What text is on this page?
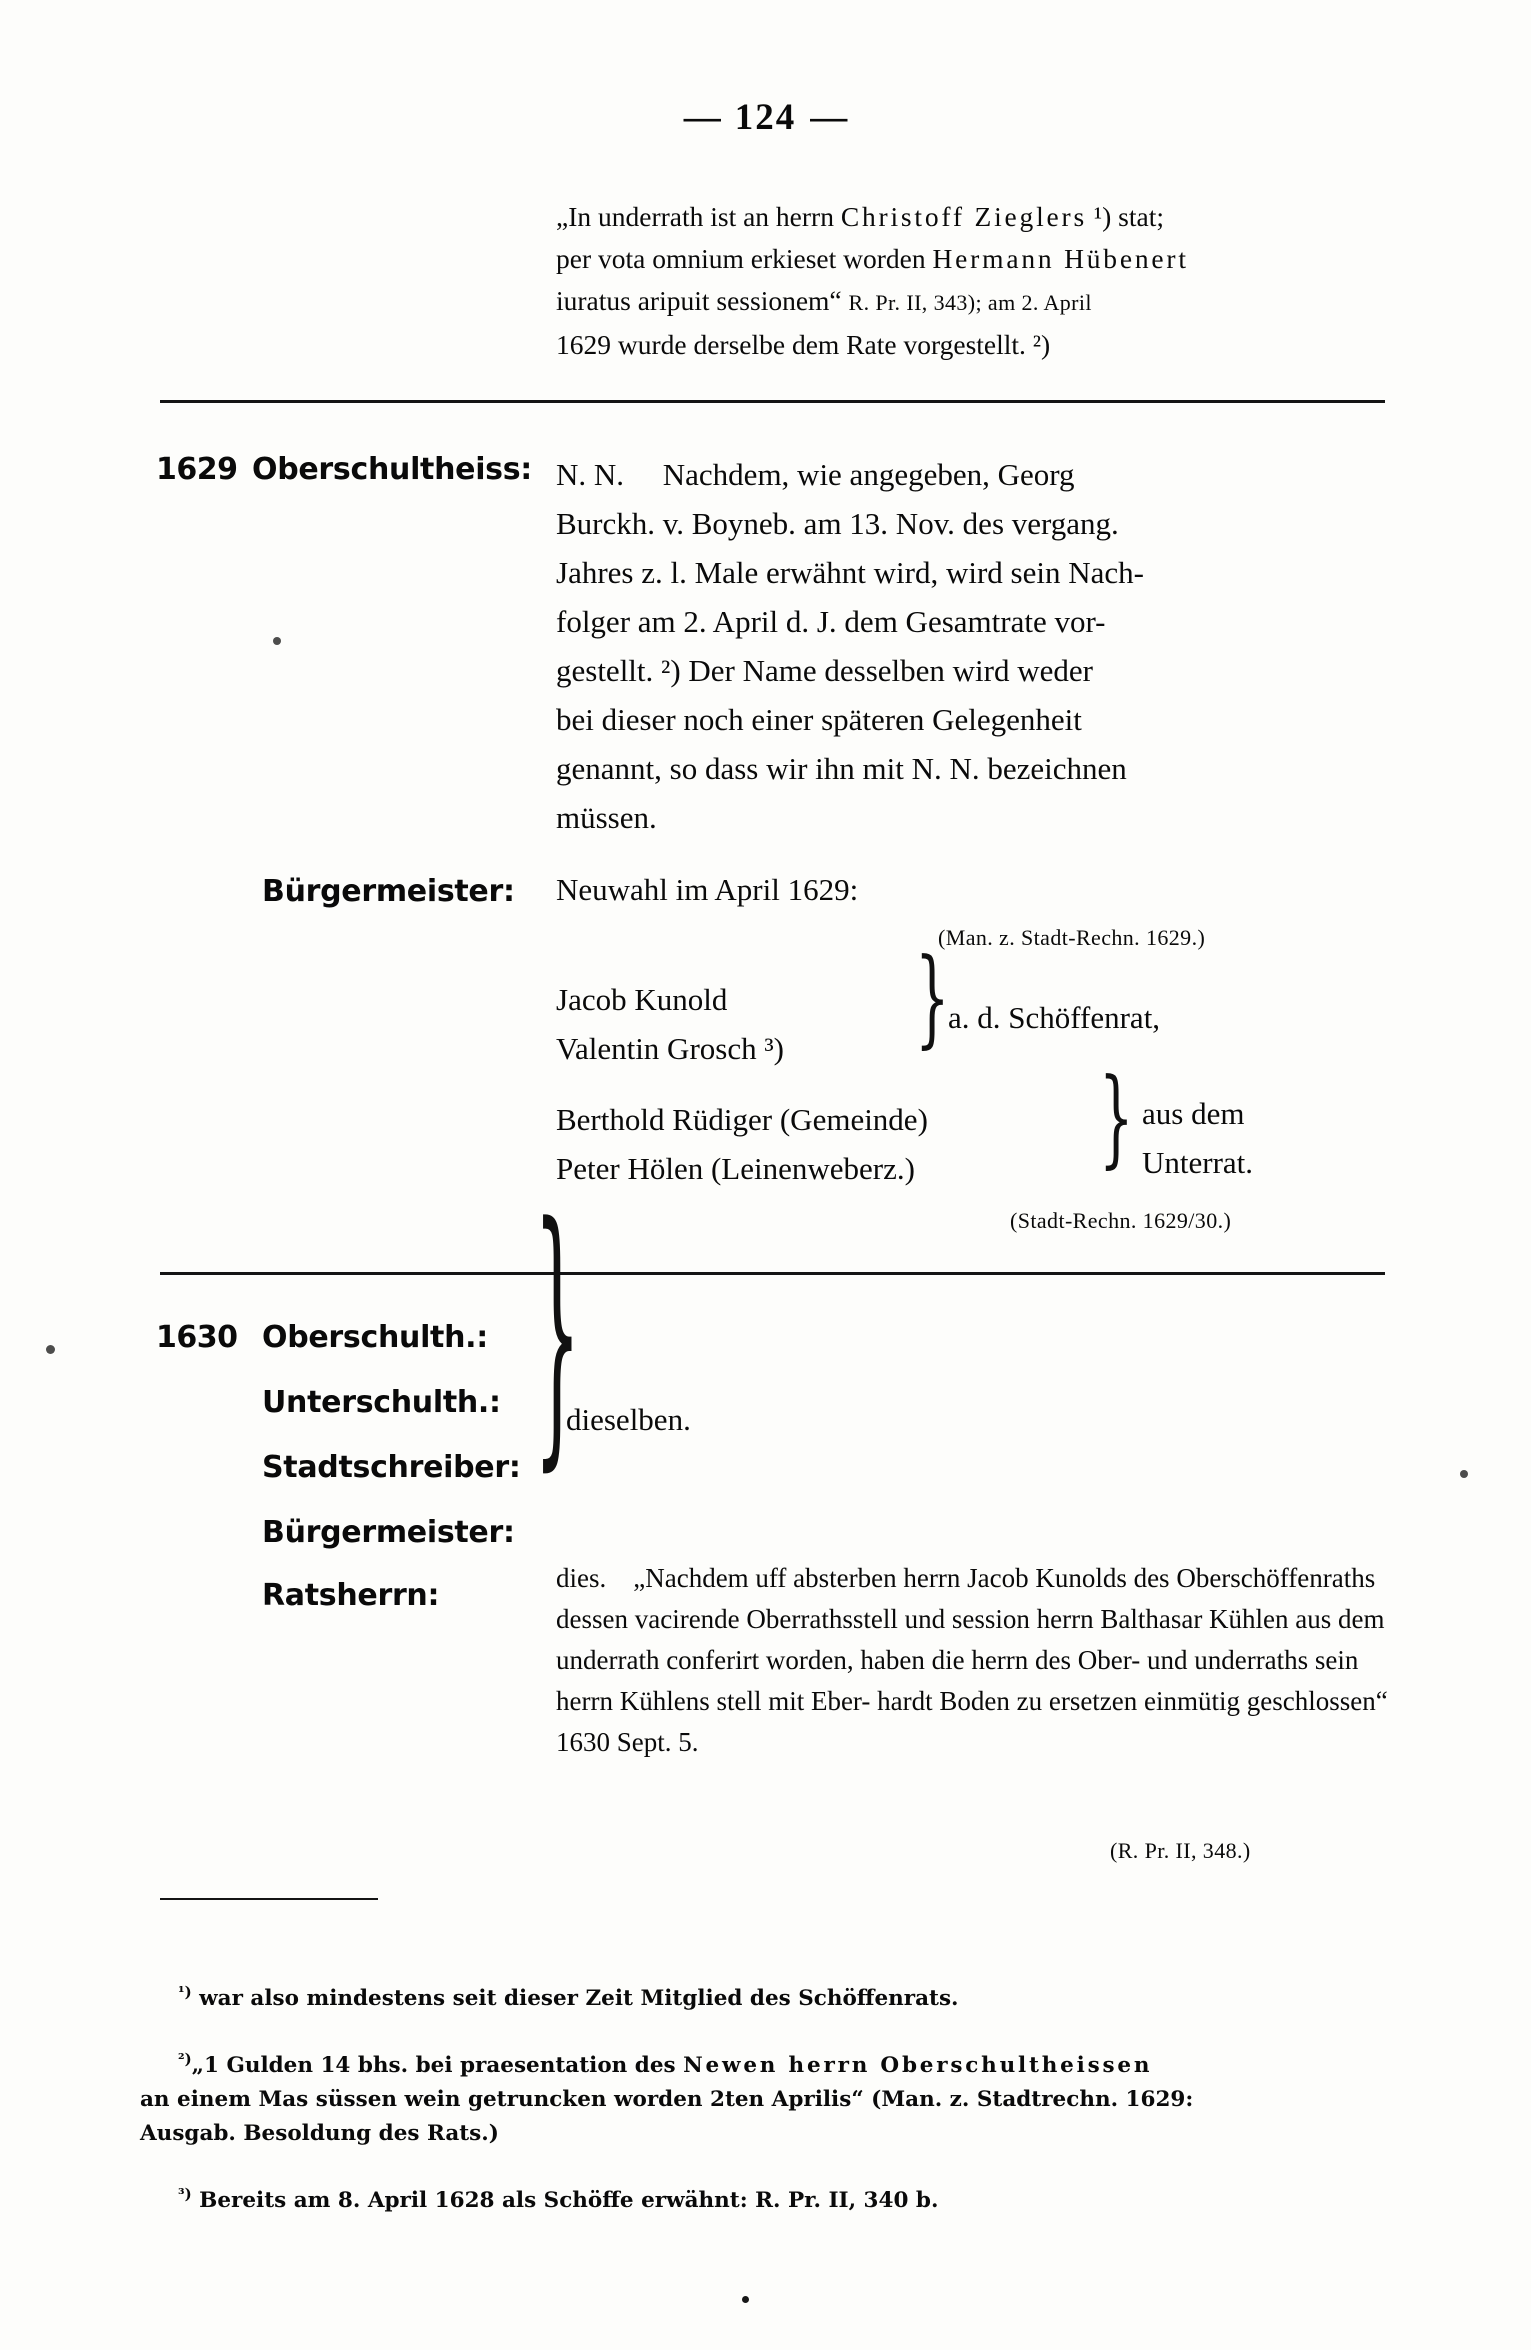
— 124 —
„In underrath ist an herrn Christoff Zieglers ¹) stat;
per vota omnium erkieset worden Hermann Hübenert
iuratus aripuit sessionem“ R. Pr. II, 343); am 2. April
1629 wurde derselbe dem Rate vorgestellt. ²)
1629 Oberschultheiss: N. N.  Nachdem, wie angegeben, Georg
Burckh. v. Boyneb. am 13. Nov. des vergang.
Jahres z. l. Male erwähnt wird, wird sein Nach-
folger am 2. April d. J. dem Gesamtrate vor-
gestellt. ²) Der Name desselben wird weder
bei dieser noch einer späteren Gelegenheit
genannt, so dass wir ihn mit N. N. bezeichnen
müssen.
Bürgermeister: Neuwahl im April 1629:
(Man. z. Stadt-Rechn. 1629.)
Jacob Kunold
Valentin Grosch ³) }
a. d. Schöffenrat,
Berthold Rüdiger (Gemeinde)
Peter Hölen (Leinenweberz.)	} aus dem
Unterrat.
(Stadt-Rechn. 1629/30.)
1630 Oberschulth.:
Unterschulth.:
Stadtschreiber:
Bürgermeister:
}
dieselben.
Ratsherrn:	dies. „Nachdem uff absterben herrn Jacob Kunolds des Oberschöffenraths dessen vacirende Oberrathsstell und session herrn Balthasar Kühlen aus dem underrath conferirt worden, haben die herrn des Ober- und underraths sein herrn Kühlens stell mit Eber- hardt Boden zu ersetzen einmütig geschlossen“ 1630 Sept. 5.
(R. Pr. II, 348.)

$^{^1)}$ war also mindestens seit dieser Zeit Mitglied des Schöffenrats.

$^{^2)}$„1 Gulden 14 bhs. bei praesentation des Newen herrn Oberschultheissen

an einem Mas süssen wein getruncken worden 2ten Aprilis“ (Man. z. Stadtrechn. 1629:

Ausgab. Besoldung des Rats.)

$^{^3)}$ Bereits am 8. April 1628 als Schöffe erwähnt: R. Pr. II, 340 b.
